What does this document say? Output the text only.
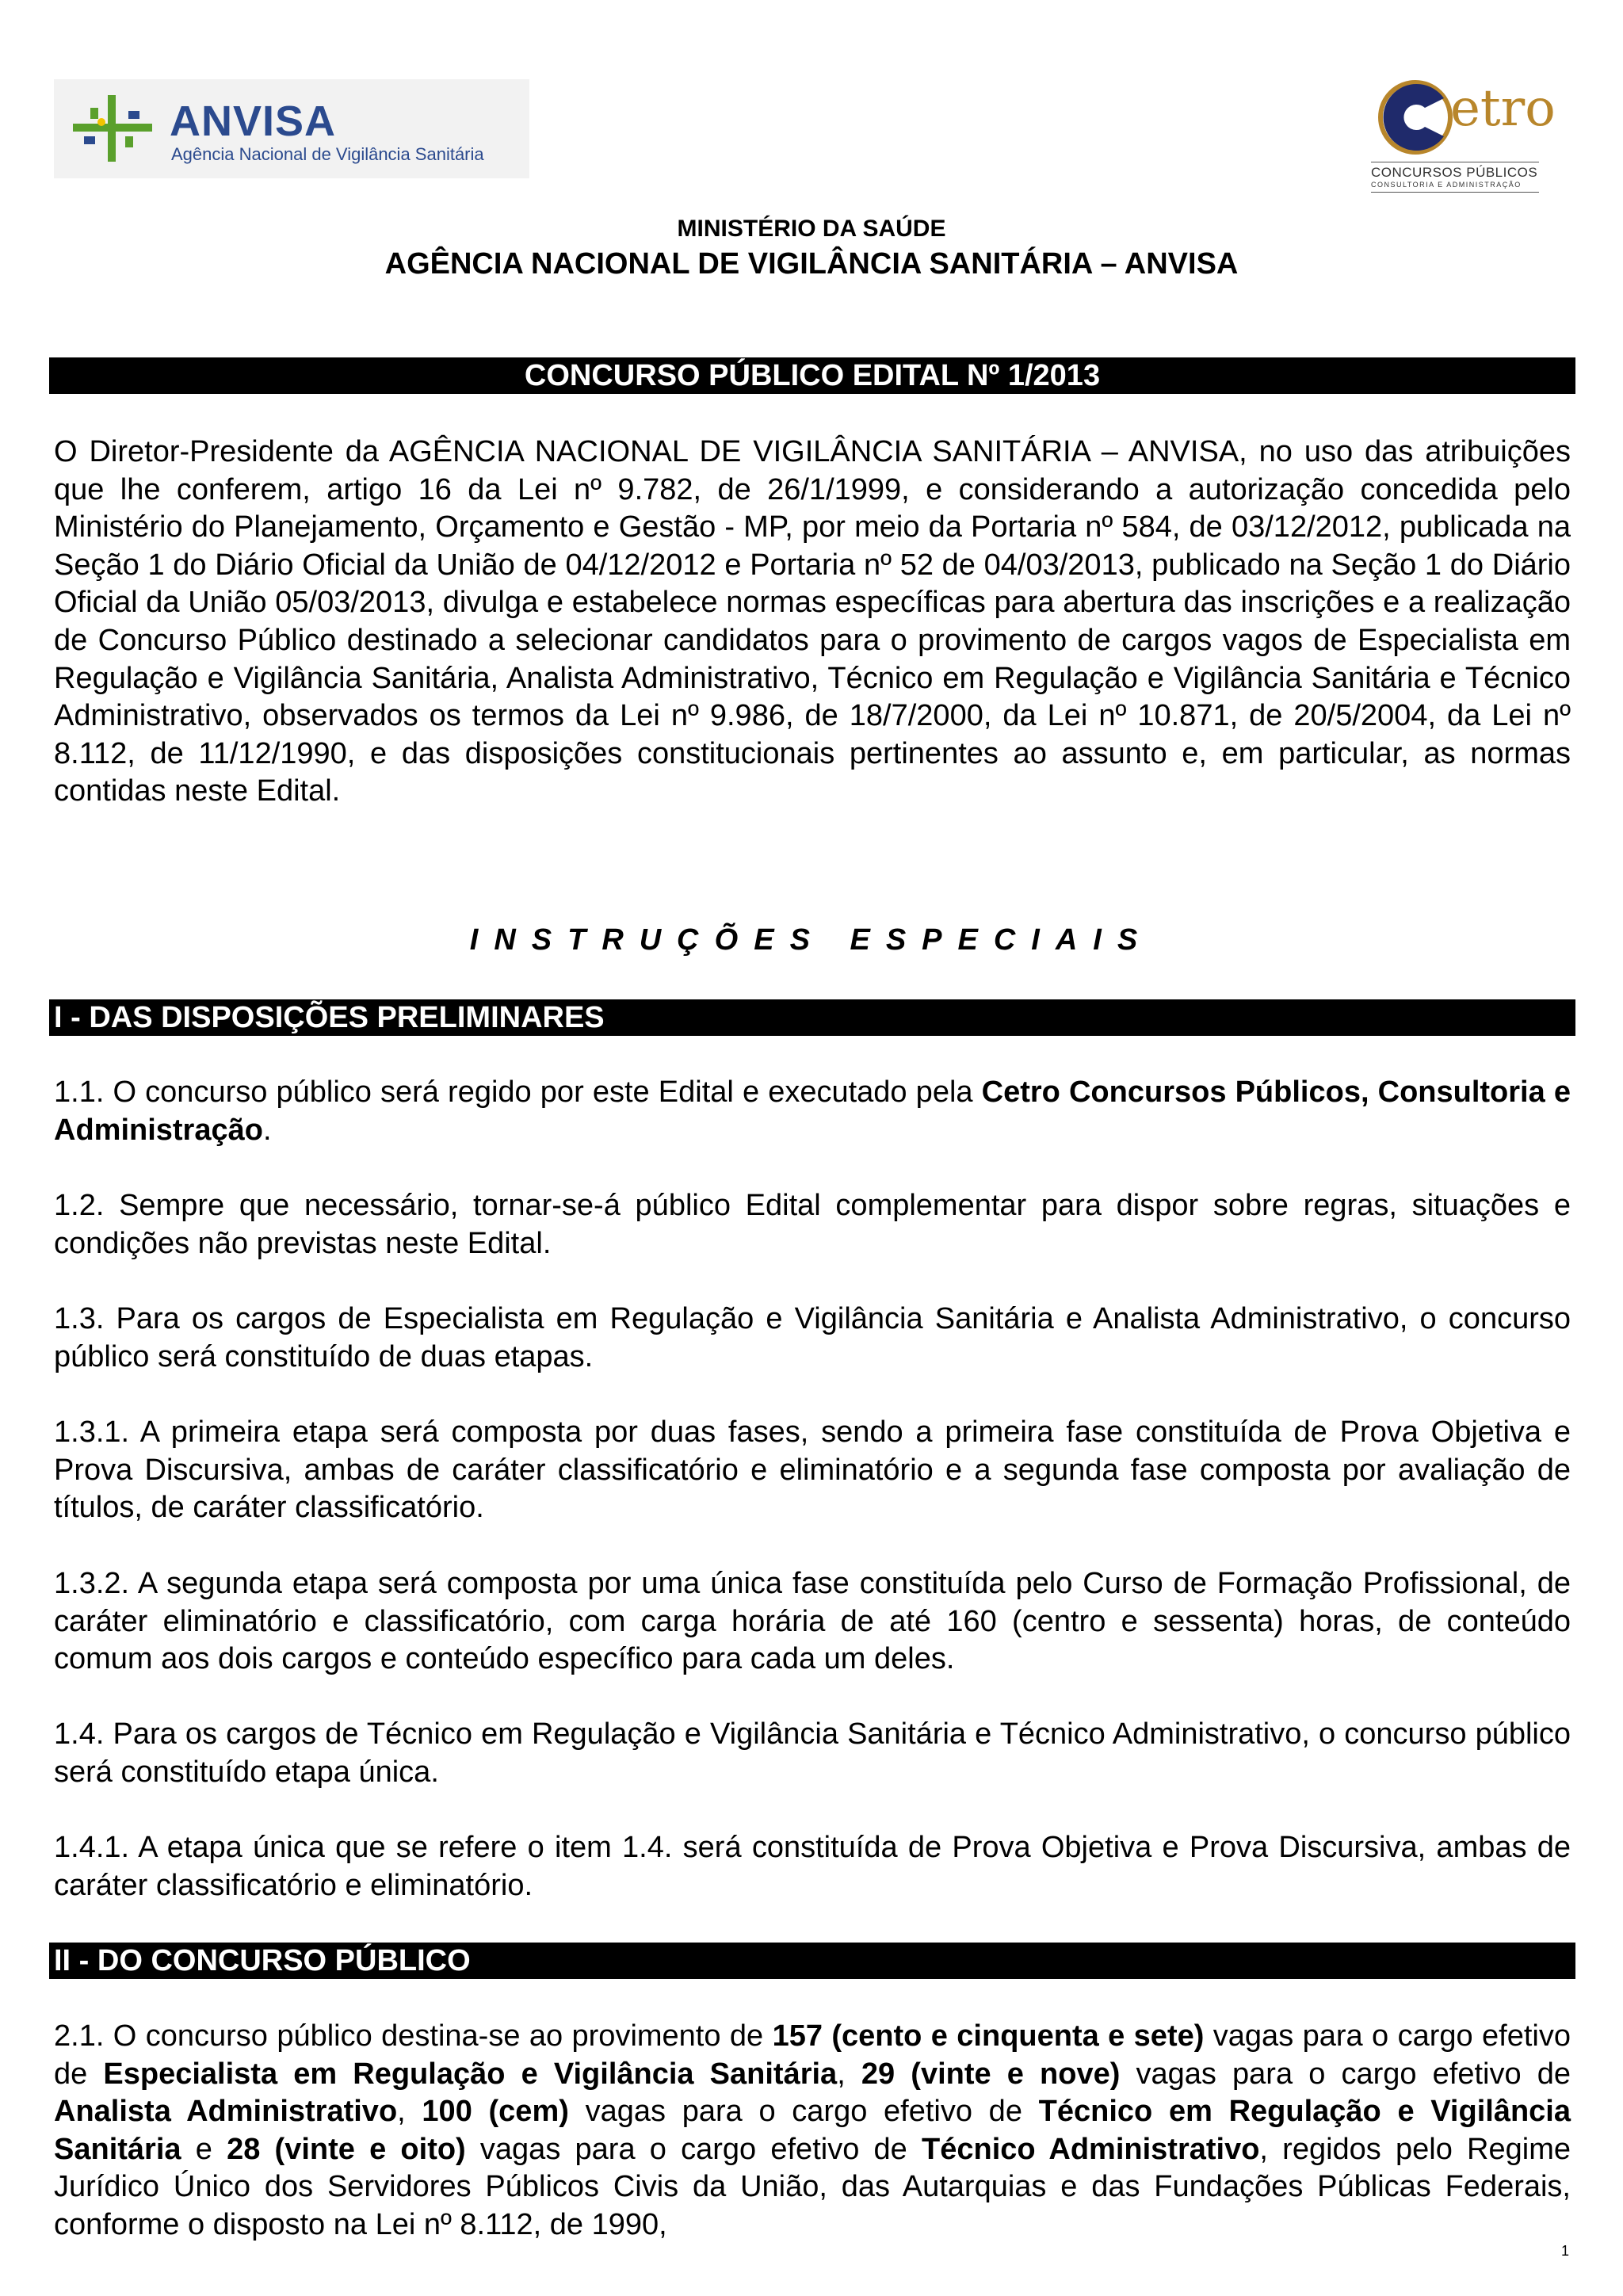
ANVISA
Agência Nacional de Vigilância Sanitária
etro
CONCURSOS PÚBLICOS
CONSULTORIA E ADMINISTRAÇÃO
MINISTÉRIO DA SAÚDE
AGÊNCIA NACIONAL DE VIGILÂNCIA SANITÁRIA – ANVISA
CONCURSO PÚBLICO EDITAL Nº 1/2013

O Diretor-Presidente da AGÊNCIA NACIONAL DE VIGILÂNCIA SANITÁRIA – ANVISA, no uso das atribuições que lhe conferem, artigo 16 da Lei nº 9.782, de 26/1/1999, e considerando a autorização concedida pelo Ministério do Planejamento, Orçamento e Gestão - MP, por meio da Portaria nº 584, de 03/12/2012, publicada na Seção 1 do Diário Oficial da União de 04/12/2012 e Portaria nº 52 de 04/03/2013, publicado na Seção 1 do Diário Oficial da União 05/03/2013, divulga e estabelece normas específicas para abertura das inscrições e a realização de Concurso Público destinado a selecionar candidatos para o provimento de cargos vagos de Especialista em Regulação e Vigilância Sanitária, Analista Administrativo, Técnico em Regulação e Vigilância Sanitária e Técnico Administrativo, observados os termos da Lei nº 9.986, de 18/7/2000, da Lei nº 10.871, de 20/5/2004, da Lei nº 8.112, de 11/12/1990, e das disposições constitucionais pertinentes ao assunto e, em particular, as normas contidas neste Edital.

INSTRUÇÕES ESPECIAIS
I - DAS DISPOSIÇÕES PRELIMINARES

1.1. O concurso público será regido por este Edital e executado pela Cetro Concursos Públicos, Consultoria e Administração.

1.2. Sempre que necessário, tornar-se-á público Edital complementar para dispor sobre regras, situações e condições não previstas neste Edital.

1.3. Para os cargos de Especialista em Regulação e Vigilância Sanitária e Analista Administrativo, o concurso público será constituído de duas etapas.

1.3.1. A primeira etapa será composta por duas fases, sendo a primeira fase constituída de Prova Objetiva e Prova Discursiva, ambas de caráter classificatório e eliminatório e a segunda fase composta por avaliação de títulos, de caráter classificatório.

1.3.2. A segunda etapa será composta por uma única fase constituída pelo Curso de Formação Profissional, de caráter eliminatório e classificatório, com carga horária de até 160 (centro e sessenta) horas, de conteúdo comum aos dois cargos e conteúdo específico para cada um deles.

1.4. Para os cargos de Técnico em Regulação e Vigilância Sanitária e Técnico Administrativo, o concurso público será constituído etapa única.

1.4.1. A etapa única que se refere o item 1.4. será constituída de Prova Objetiva e Prova Discursiva, ambas de caráter classificatório e eliminatório.

II - DO CONCURSO PÚBLICO

2.1. O concurso público destina-se ao provimento de 157 (cento e cinquenta e sete) vagas para o cargo efetivo de Especialista em Regulação e Vigilância Sanitária, 29 (vinte e nove) vagas para o cargo efetivo de Analista Administrativo, 100 (cem) vagas para o cargo efetivo de Técnico em Regulação e Vigilância Sanitária e 28 (vinte e oito) vagas para o cargo efetivo de Técnico Administrativo, regidos pelo Regime Jurídico Único dos Servidores Públicos Civis da União, das Autarquias e das Fundações Públicas Federais, conforme o disposto na Lei nº 8.112, de 1990,

1
